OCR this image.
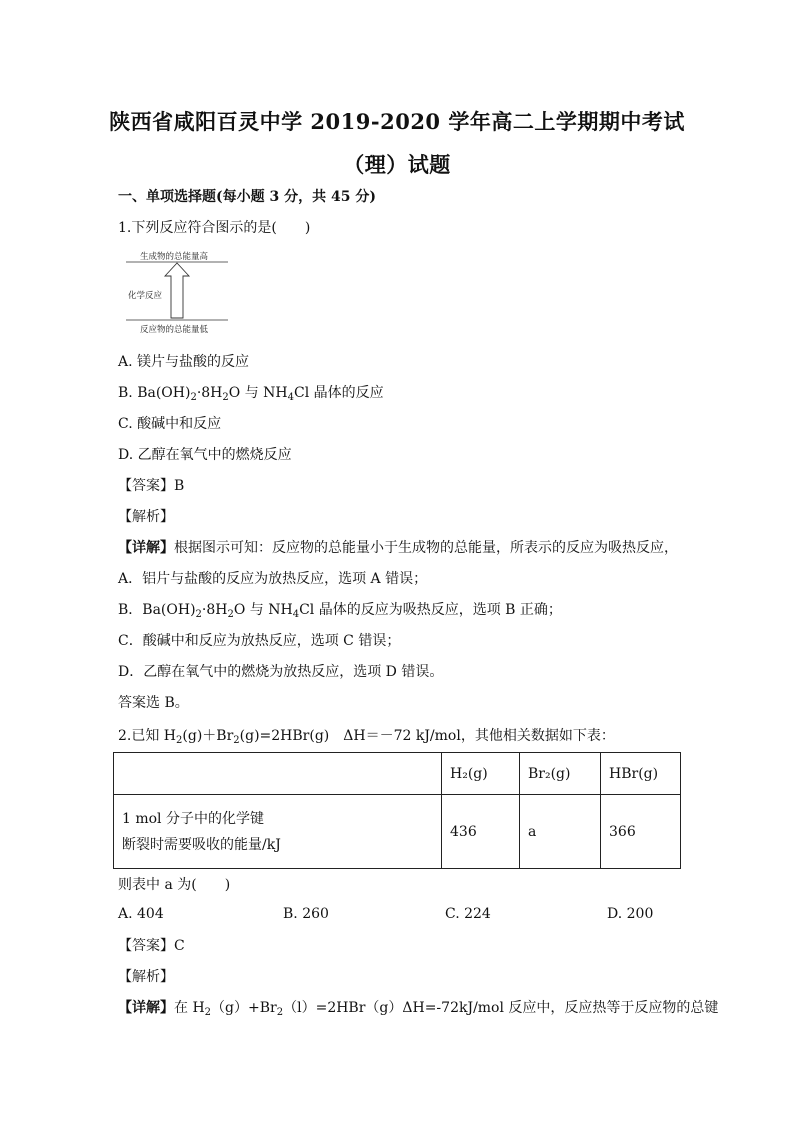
陕西省咸阳百灵中学 2019-2020 学年高二上学期期中考试
（理）试题
一、单项选择题(每小题 3 分，共 45 分)
1.下列反应符合图示的是(　　)
生成物的总能量高
化学反应
反应物的总能量低
A. 镁片与盐酸的反应
B. $Ba(OH)_2\cdot 8H_2O$ 与 $NH_4Cl$ 晶体的反应
C. 酸碱中和反应
D. 乙醇在氧气中的燃烧反应
【答案】B
【解析】
【详解】根据图示可知：反应物的总能量小于生成物的总能量，所表示的反应为吸热反应，
A．铝片与盐酸的反应为放热反应，选项 A 错误；
B．$Ba(OH)_2\cdot 8H_2O$ 与 $NH_4Cl$ 晶体的反应为吸热反应，选项 B 正确；
C．酸碱中和反应为放热反应，选项 C 错误；
D．乙醇在氧气中的燃烧为放热反应，选项 D 错误。
答案选 B。
2.已知 $H_2(g)+Br_2(g)=2HBr(g)$　ΔH＝－72 kJ/mol，其他相关数据如下表：
	H₂(g)	Br₂(g)	HBr(g)

1 mol 分子中的化学键
断裂时需要吸收的能量/kJ	436	a	366
则表中 a 为(　　)
A. 404	B. 260	C. 224	D. 200
【答案】C
【解析】
【详解】在 $H_2(g)+Br_2(l)=2HBr(g)\Delta H=-72kJ$/mol 反应中，反应热等于反应物的总键
